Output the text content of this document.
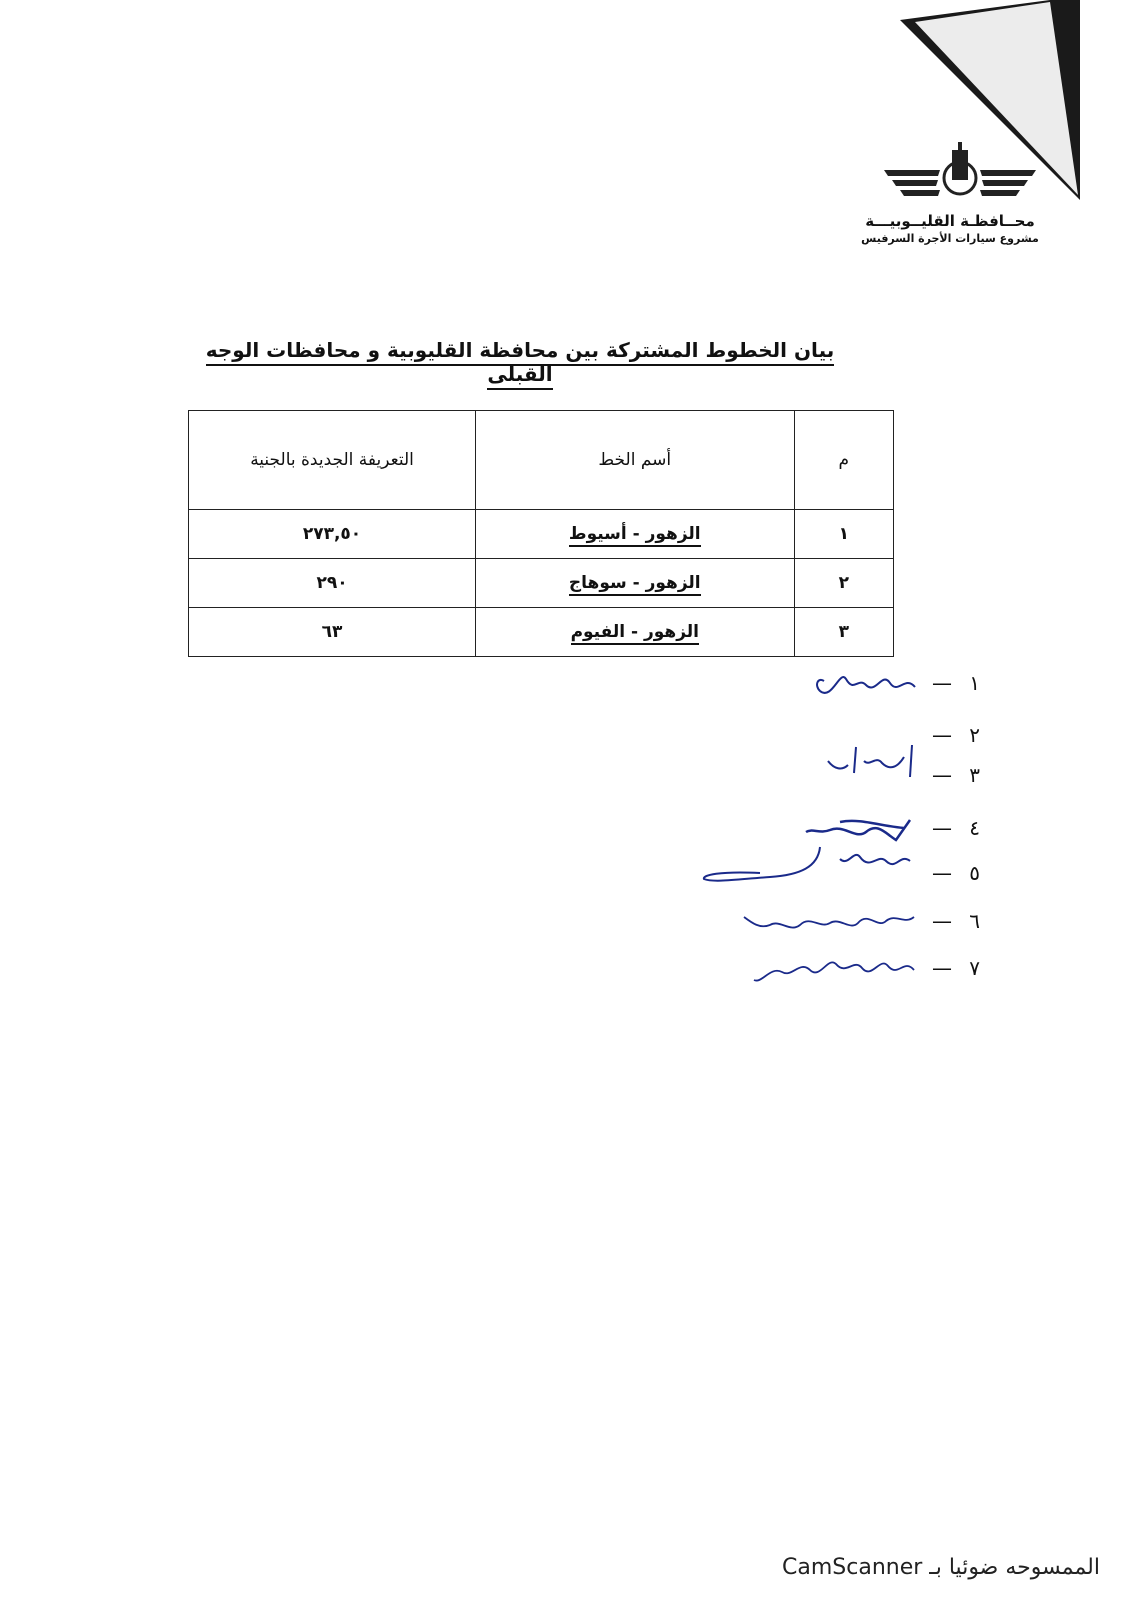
محــافظـة القليــوبيـــة
مشروع سيارات الأجرة السرفيس
بيان الخطوط المشتركة بين محافظة القليوبية و محافظات الوجه القبلى
م	أسم الخط	التعريفة الجديدة بالجنية
١	الزهور - أسيوط	٢٧٣,٥٠
٢	الزهور - سوهاج	٢٩٠
٣	الزهور - الفيوم	٦٣
١
—
٢
—
٣
—
٤
—
٥
—
٦
—
٧
—
الممسوحه ضوئيا بـ CamScanner
